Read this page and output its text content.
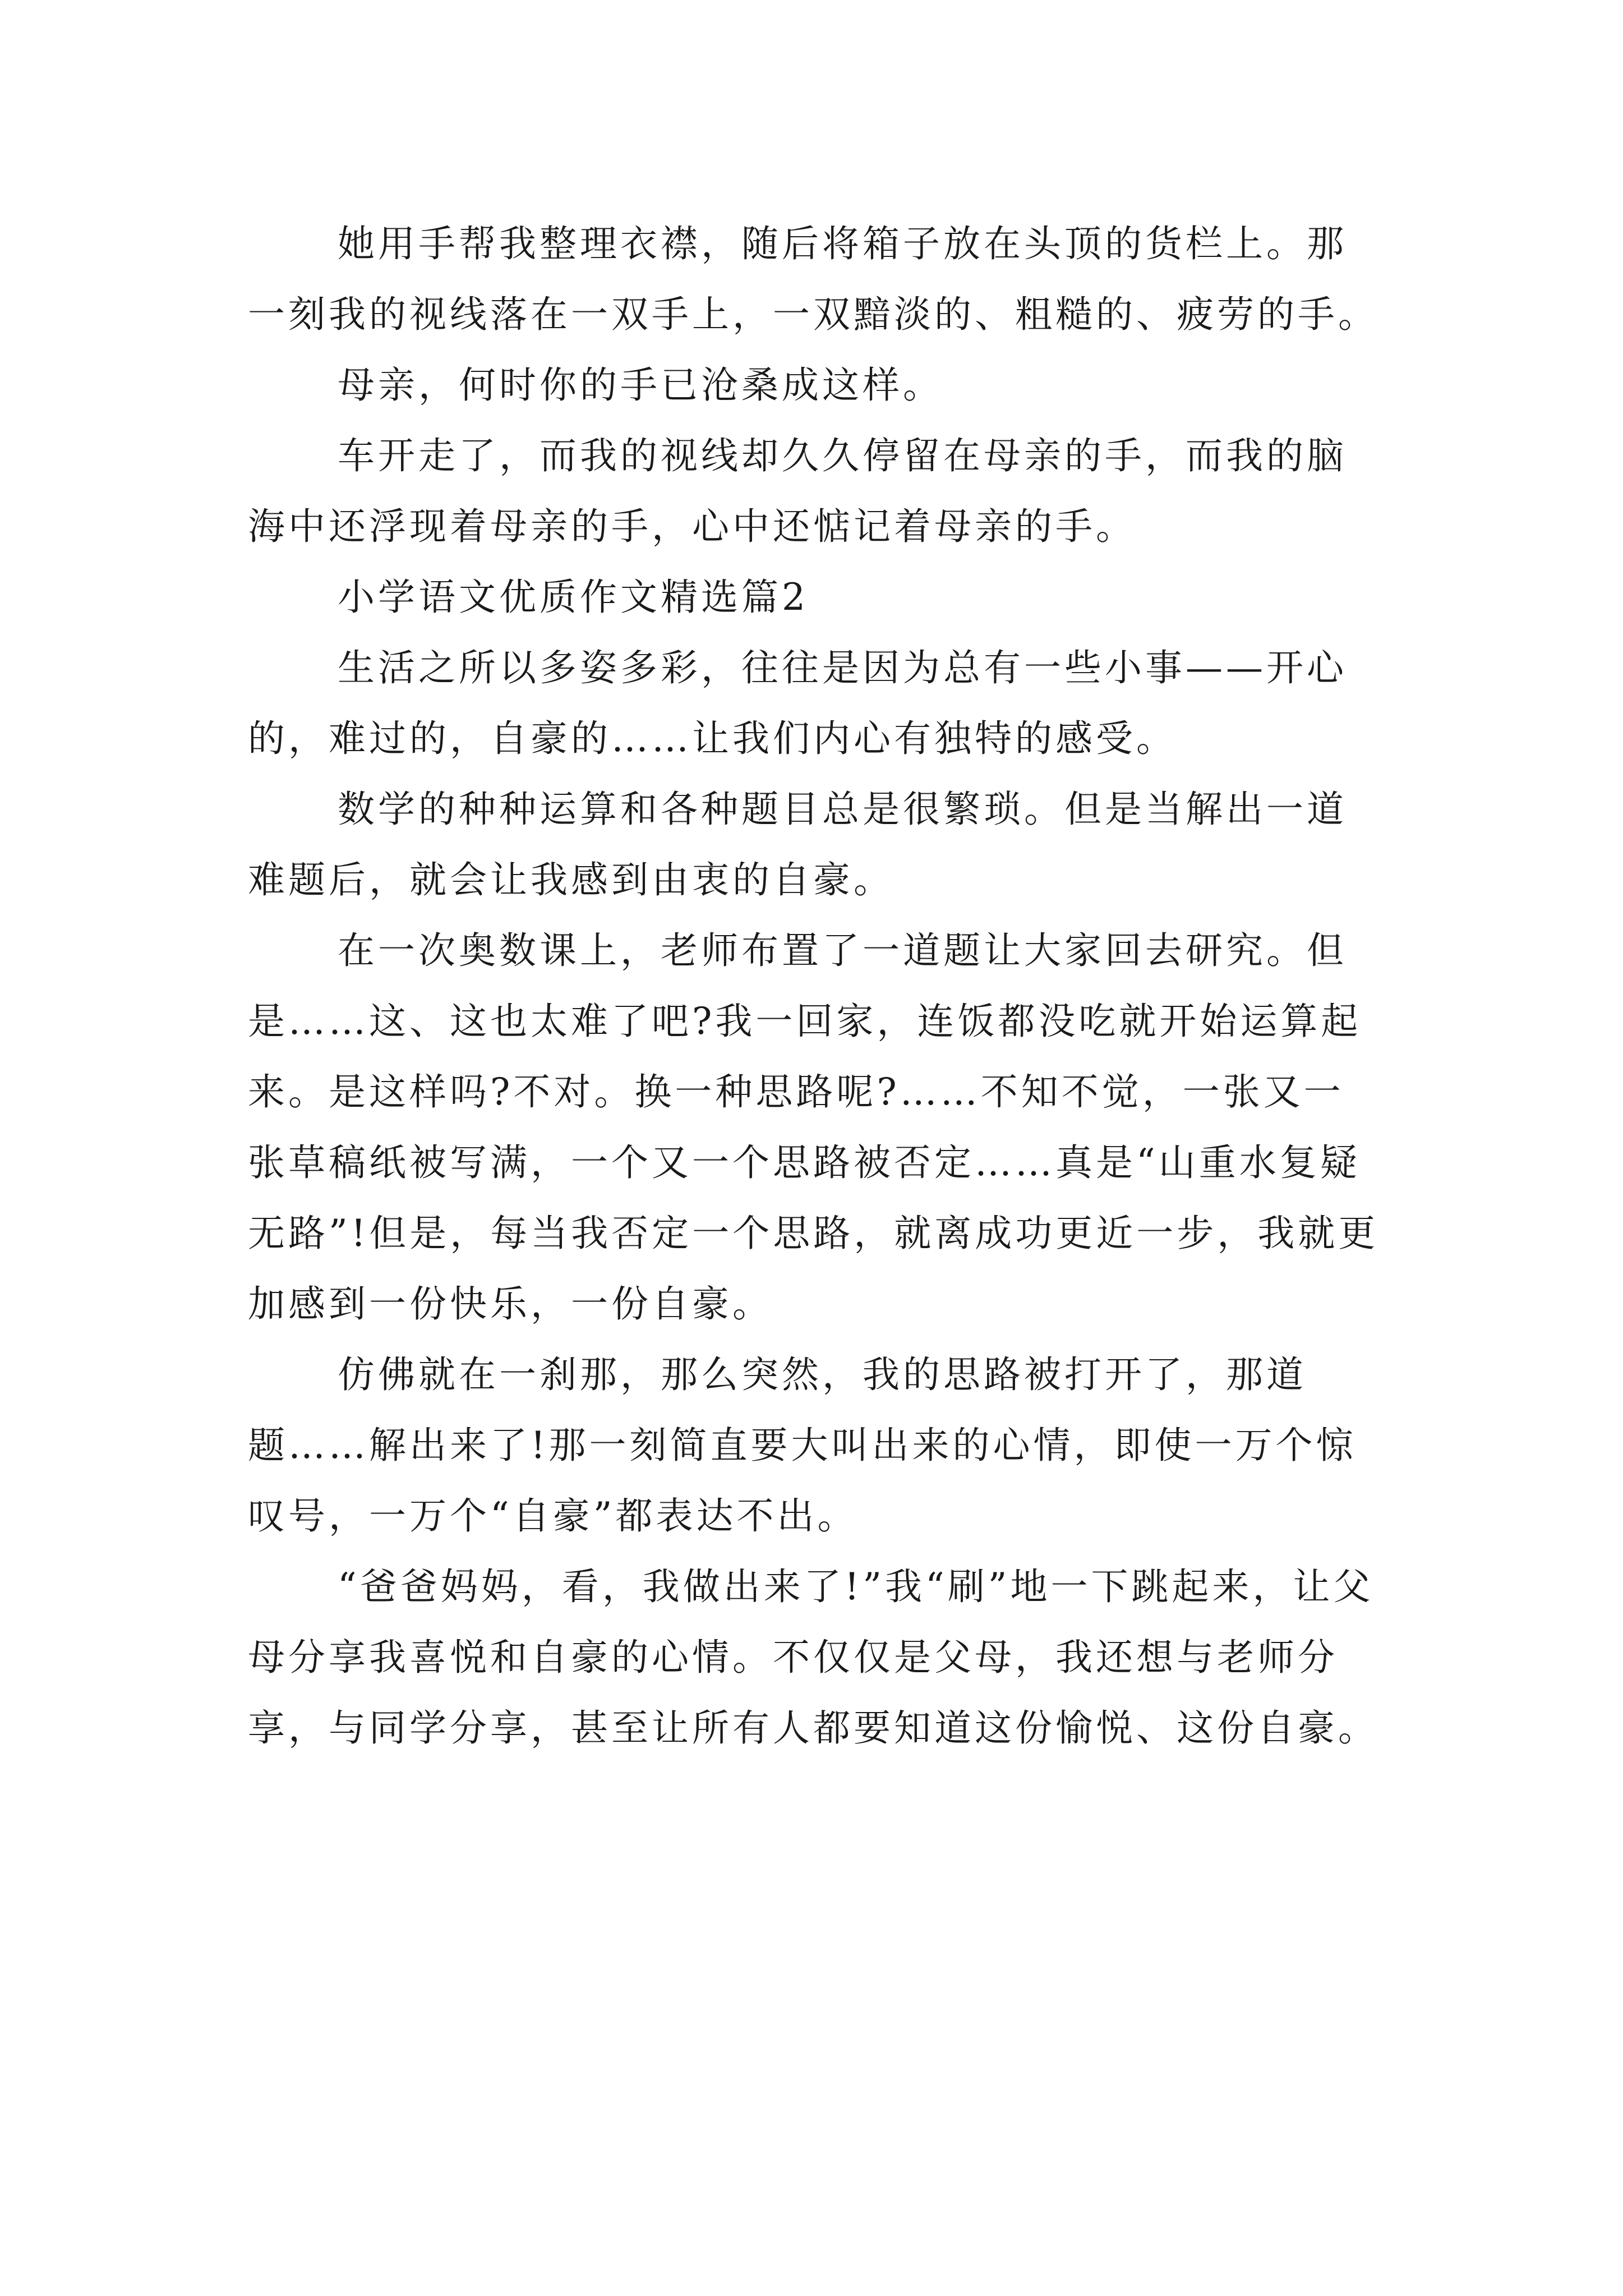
她用手帮我整理衣襟，随后将箱子放在头顶的货栏上。那一刻我的视线落在一双手上，一双黯淡的、粗糙的、疲劳的手。

母亲，何时你的手已沧桑成这样。

车开走了，而我的视线却久久停留在母亲的手，而我的脑海中还浮现着母亲的手，心中还惦记着母亲的手。

小学语文优质作文精选篇2

生活之所以多姿多彩，往往是因为总有一些小事——开心的，难过的，自豪的……让我们内心有独特的感受。

数学的种种运算和各种题目总是很繁琐。但是当解出一道难题后，就会让我感到由衷的自豪。

在一次奥数课上，老师布置了一道题让大家回去研究。但是……这、这也太难了吧?我一回家，连饭都没吃就开始运算起来。是这样吗?不对。换一种思路呢?……不知不觉，一张又一张草稿纸被写满，一个又一个思路被否定……真是“山重水复疑无路”!但是，每当我否定一个思路，就离成功更近一步，我就更加感到一份快乐，一份自豪。

仿佛就在一刹那，那么突然，我的思路被打开了，那道题……解出来了!那一刻简直要大叫出来的心情，即使一万个惊叹号，一万个“自豪”都表达不出。

“爸爸妈妈，看，我做出来了!”我“刷”地一下跳起来，让父母分享我喜悦和自豪的心情。不仅仅是父母，我还想与老师分享，与同学分享，甚至让所有人都要知道这份愉悦、这份自豪。
